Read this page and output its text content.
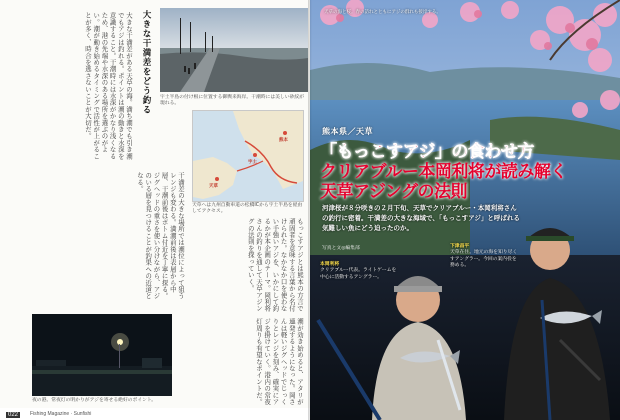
大きな干満差がある天草の海。満ち潮でも引き潮でもアジは釣れる。ポイントは潮の動きと水深を意識すること。干潮時には水深がかなり浅くなるため、港の先端や水深のある場所を選ぶのがよい。潮が動き始めるタイミングで活性が上がることが多く、時合を逃さないことが大切だ。	大きな干満差をどう釣る 宇土半島の付け根に位置する御輿来海岸。干潮時には美しい砂紋が現れる。
干満差の大きな場所では潮位によって狙うレンジも変わる。満潮前後は表層から中層、干潮前後はボトム付近を丁寧に探る。ジグヘッドの重さを使い分けながら、アジのいる層を見つけることが釣果への近道となる。	天草
宇土
熊本
天草へは九州自動車道の松橋ICから宇土半島を経由してアクセス。
もっこすアジとは熊本の方言で頑固者を意味する言葉から名付けられた。なかなか口を使わない手強いアジを、いかにして釣るかが本企画のテーマ。岡利将さんの釣りを通して天草アジングの法則を探っていく。
夜の港。常夜灯の明かりがアジを寄せる絶好のポイント。	潮が効き始めると、アタリが連発するようになった。岡さんは軽いジグヘッドでじっくりとレンジを刻み、確実にアジを掛けていく。港内の常夜灯周りも有望なポイントだ。
022	Fishing Magazine · Sunfishi
天草の海と桜。春の訪れとともにアジの群れも接岸する。
熊本県／天草
「もっこすアジ」の食わせ方
クリアブルー本岡利将が読み解く
天草アジングの法則
河津桜が８分咲きの２月下旬、天草でクリアブルー・本岡利将さんの釣行に密着。干満差の大きな海域で、「もっこすアジ」と呼ばれる気難しい魚にどう迫ったのか。
写真と文◎編集部
本岡利将
クリアブルー代表。ライトゲームを中心に活動するアングラー。
下津昌平
天草在住。地元の海を知り尽くすアングラー。今回の案内役を務める。
